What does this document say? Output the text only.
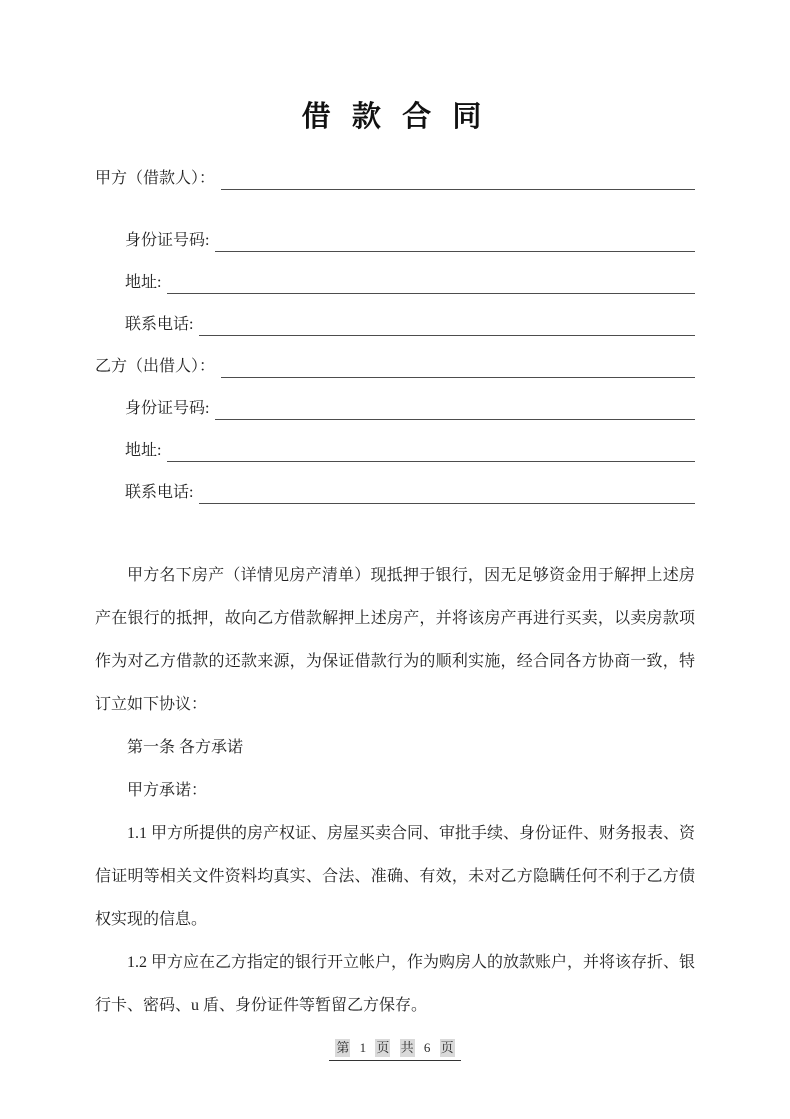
借 款 合 同
甲方（借款人）：
身份证号码:
地址:
联系电话:
乙方（出借人）：
身份证号码:
地址:
联系电话:

甲方名下房产（详情见房产清单）现抵押于银行，因无足够资金用于解押上述房产在银行的抵押，故向乙方借款解押上述房产，并将该房产再进行买卖，以卖房款项作为对乙方借款的还款来源，为保证借款行为的顺利实施，经合同各方协商一致，特订立如下协议：

第一条 各方承诺

甲方承诺：

1.1 甲方所提供的房产权证、房屋买卖合同、审批手续、身份证件、财务报表、资信证明等相关文件资料均真实、合法、准确、有效，未对乙方隐瞒任何不利于乙方债权实现的信息。

1.2 甲方应在乙方指定的银行开立帐户，作为购房人的放款账户，并将该存折、银行卡、密码、u 盾、身份证件等暂留乙方保存。

第 1 页 共 6 页
